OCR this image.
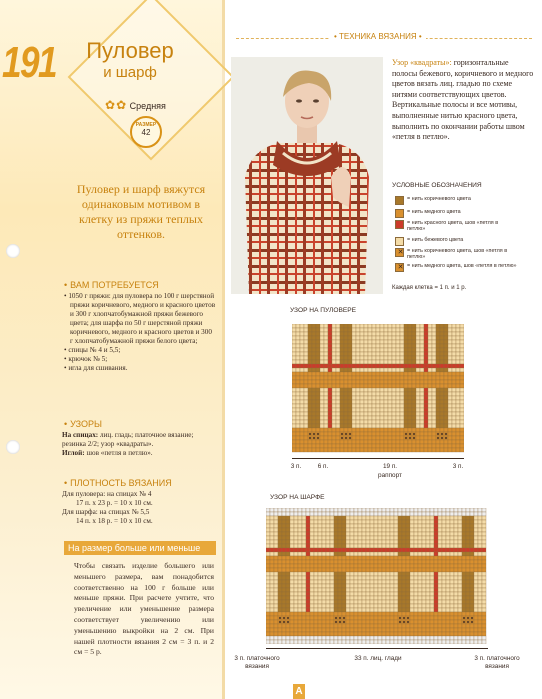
191	Пуловер
и шарф
✿✿ Средняя
РАЗМЕР
42
Пуловер и шарф вяжутся одинаковым мотивом в клетку из пряжи теплых оттенков.
• ВАМ ПОТРЕБУЕТСЯ

• 1050 г пряжи: для пуловера по 100 г шерстяной пряжи коричневого, медного и красного цветов и 300 г хлопчатобумажной пряжи бежевого цвета; для шарфа по 50 г шерстяной пряжи коричневого, медного и красного цветов и 300 г хлопчатобумажной пряжи белого цвета;

• спицы № 4 и 5,5;

• крючок № 5;

• игла для сшивания.

• УЗОРЫ

На спицах: лиц. гладь; платочное вязание; резинка 2/2; узор «квадраты».

Иглой: шов «петля в петлю».

• ПЛОТНОСТЬ ВЯЗАНИЯ

Для пуловера: на спицах № 4

17 п. х 23 р. = 10 х 10 см.

Для шарфа: на спицах № 5,5

14 п. х 18 р. = 10 х 10 см.

На размер больше или меньше
Чтобы связать изделие большего или меньшего размера, вам понадобится соответственно на 100 г больше или меньше пряжи. При расчете учтите, что увеличение или уменьшение размера соответствует увеличению или уменьшению выкройки на 2 см. При нашей плотности вязания 2 см = 3 п. и 2 см = 5 р.
• ТЕХНИКА ВЯЗАНИЯ •
Узор «квадраты»: горизонтальные полосы бежевого, коричневого и медного цветов вязать лиц. гладью по схеме нитями соответствующих цветов. Вертикальные полосы и все мотивы, выполненные нитью красного цвета, выполнить по окончании работы швом «петля в петлю».
УСЛОВНЫЕ ОБОЗНАЧЕНИЯ
= нить коричневого цвета
= нить медного цвета
= нить красного цвета, шов «петля в петлю»
= нить бежевого цвета
✕= нить коричневого цвета, шов «петля в петлю»
✕= нить медного цвета, шов «петля в петлю»
Каждая клетка = 1 п. и 1 р.
УЗОР НА ПУЛОВЕРЕ
3 п.	6 п.	19 п.
раппорт
3 п.
УЗОР НА ШАРФЕ
3 п. платочного
вязания
33 п. лиц. глади	3 п. платочного
вязания
А
